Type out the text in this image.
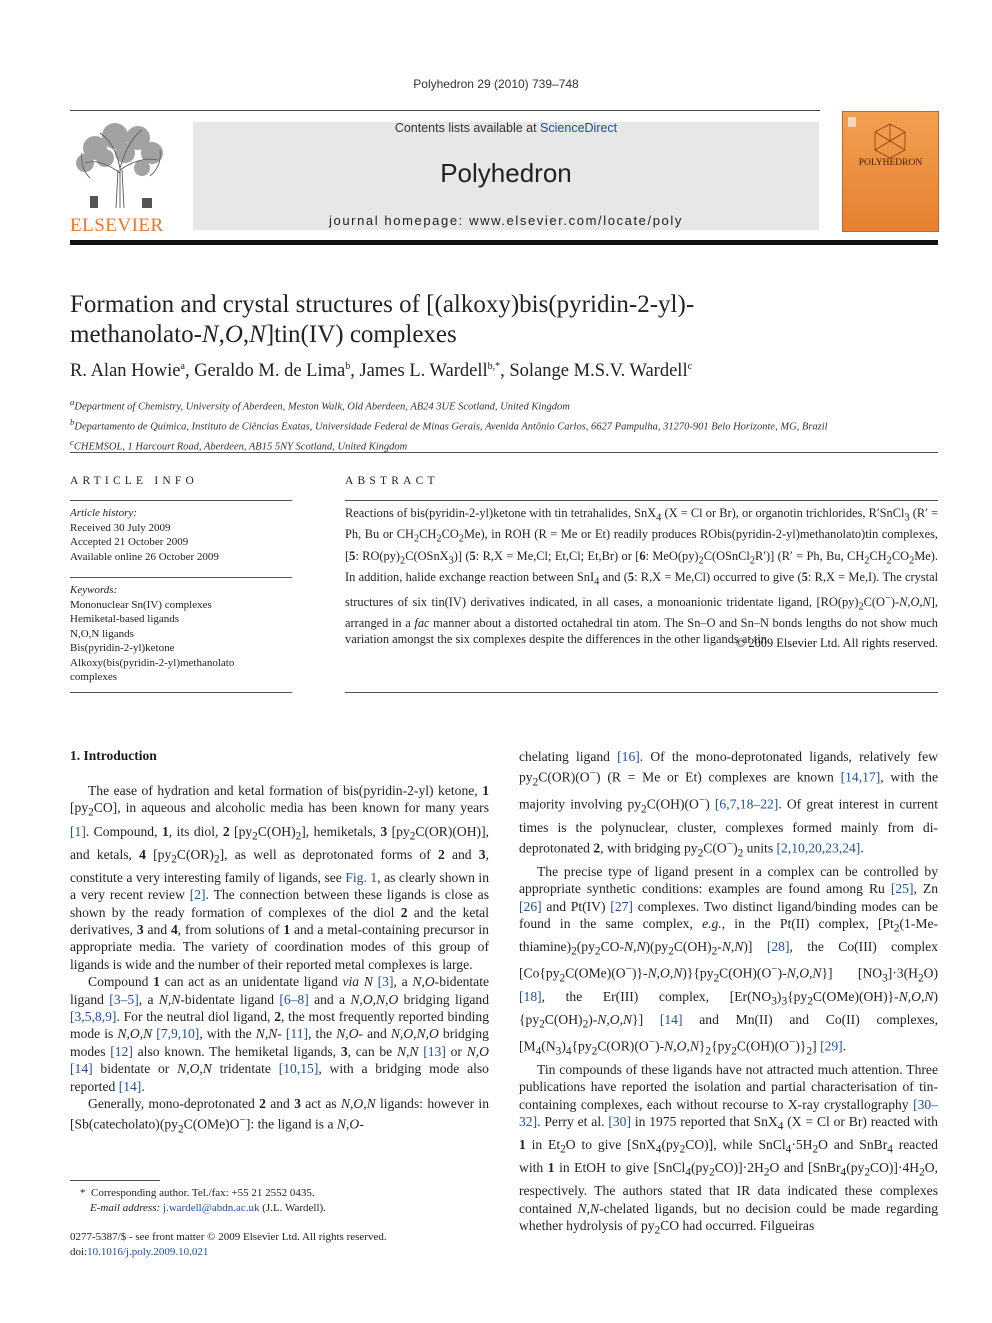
Polyhedron 29 (2010) 739–748
ELSEVIER
Contents lists available at ScienceDirect
Polyhedron
journal homepage: www.elsevier.com/locate/poly
POLYHEDRON
Formation and crystal structures of [(alkoxy)bis(pyridin-2-yl)-
methanolato-N,O,N]tin(IV) complexes
R. Alan Howie$^a$, Geraldo M. de Lima$^b$, James L. Wardell$^{b,*}$, Solange M.S.V. Wardell$^c$
$^a$Department of Chemistry, University of Aberdeen, Meston Walk, Old Aberdeen, AB24 3UE Scotland, United Kingdom
$^b$Departamento de Química, Instituto de Ciências Exatas, Universidade Federal de Minas Gerais, Avenida Antônio Carlos, 6627 Pampulha, 31270-901 Belo Horizonte, MG, Brazil
$^c$CHEMSOL, 1 Harcourt Road, Aberdeen, AB15 5NY Scotland, United Kingdom
ARTICLE INFO
Article history:
Received 30 July 2009
Accepted 21 October 2009
Available online 26 October 2009
Keywords:
Mononuclear Sn(IV) complexes
Hemiketal-based ligands
N,O,N ligands
Bis(pyridin-2-yl)ketone
Alkoxy(bis(pyridin-2-yl)methanolato
complexes
ABSTRACT
Reactions of bis(pyridin-2-yl)ketone with tin tetrahalides, SnX$_4$ (X = Cl or Br), or organotin trichlorides, R′SnCl$_3$ (R′ = Ph, Bu or $CH_2CH_2CO_2Me$), in ROH (R = Me or Et) readily produces RObis(pyridin-2-yl)methanolato)tin complexes, [5: $RO(py)_2C(OSnX_3)$] (5: R,X = Me,Cl; Et,Cl; Et,Br) or [6: $MeO(py)_2C(OSnCl_2R')$] (R′ = Ph, Bu, $CH_2CH_2CO_2Me$). In addition, halide exchange reaction between SnI$_4$ and (5: R,X = Me,Cl) occurred to give (5: R,X = Me,I). The crystal structures of six tin(IV) derivatives indicated, in all cases, a monoanionic tridentate ligand, $[RO(py)_2C(O^-)-N,O,N]$, arranged in a fac manner about a distorted octahedral tin atom. The Sn–O and Sn–N bonds lengths do not show much variation amongst the six complexes despite the differences in the other ligands at tin.
© 2009 Elsevier Ltd. All rights reserved.
1. Introduction

The ease of hydration and ketal formation of bis(pyridin-2-yl) ketone, 1 $[py_2CO]$, in aqueous and alcoholic media has been known for many years [1]. Compound, 1, its diol, 2 $[py_2C(OH)_2]$, hemiketals, 3 $[py_2C(OR)(OH)]$, and ketals, 4 $[py_2C(OR)_2]$, as well as deprotonated forms of 2 and 3, constitute a very interesting family of ligands, see Fig. 1, as clearly shown in a very recent review [2]. The connection between these ligands is close as shown by the ready formation of complexes of the diol 2 and the ketal derivatives, 3 and 4, from solutions of 1 and a metal-containing precursor in appropriate media. The variety of coordination modes of this group of ligands is wide and the number of their reported metal complexes is large.

Compound 1 can act as an unidentate ligand via N [3], a N,O-bidentate ligand [3–5], a N,N-bidentate ligand [6–8] and a N,O,N,O bridging ligand [3,5,8,9]. For the neutral diol ligand, 2, the most frequently reported binding mode is N,O,N [7,9,10], with the N,N- [11], the N,O- and N,O,N,O bridging modes [12] also known. The hemiketal ligands, 3, can be N,N [13] or N,O [14] bidentate or N,O,N tridentate [10,15], with a bridging mode also reported [14].

Generally, mono-deprotonated 2 and 3 act as N,O,N ligands: however in [$Sb(catecholato)(py_2C(OMe)O^-]$: the ligand is a N,O-

*  Corresponding author. Tel./fax: +55 21 2552 0435.
E-mail address: j.wardell@abdn.ac.uk (J.L. Wardell).
0277-5387/$ - see front matter © 2009 Elsevier Ltd. All rights reserved.
doi:10.1016/j.poly.2009.10.021

chelating ligand [16]. Of the mono-deprotonated ligands, relatively few $py_2C(OR)(O^-) (R = Me$ or Et) complexes are known [14,17], with the majority involving $py_2C(OH)(O^-)$ [6,7,18–22]. Of great interest in current times is the polynuclear, cluster, complexes formed mainly from di-deprotonated 2, with bridging $py_2C(O^-)_2$ units [2,10,20,23,24].

The precise type of ligand present in a complex can be controlled by appropriate synthetic conditions: examples are found among Ru [25], Zn [26] and Pt(IV) [27] complexes. Two distinct ligand/binding modes can be found in the same complex, e.g., in the Pt(II) complex, $[Pt_2(1-Me-thiamine)_2(py_2CO-N,N)(py_2C(OH)_2-N,N)]$ [28], the Co(III) complex $[Co\{py_2C(OMe)(O^-)\}-N,O,N)\}\{py_2C(OH)(O^-)-N,O,N\}$] $[NO_3]\cdot 3(H_2O)$ [18], the Er(III) complex, $[Er(NO_3)_3\{py_2C(OMe)(OH)\}-N,O,N)\{py_2C(OH)_2)-N,O,N$}] [14] and Mn(II) and Co(II) complexes, $[M_4(N_3)_4\{py_2C(OR)(O^-)-N,O,N\}_2\{py_2C(OH)(O^-)\}_2]$ [29].

Tin compounds of these ligands have not attracted much attention. Three publications have reported the isolation and partial characterisation of tin-containing complexes, each without recourse to X-ray crystallography [30–32]. Perry et al. [30] in 1975 reported that SnX$_4$ (X = Cl or Br) reacted with 1 in $Et_2O$ to give $[SnX_4(py_2CO)]$, while $SnCl_4\cdot 5H_2O$ and SnBr$_4$ reacted with 1 in EtOH to give $[SnCl_4(py_2CO)]\cdot 2H_2O$ and $[SnBr_4(py_2CO)]\cdot 4H_2O$, respectively. The authors stated that IR data indicated these complexes contained N,N-chelated ligands, but no decision could be made regarding whether hydrolysis of $py_2CO$ had occurred. Filgueiras
